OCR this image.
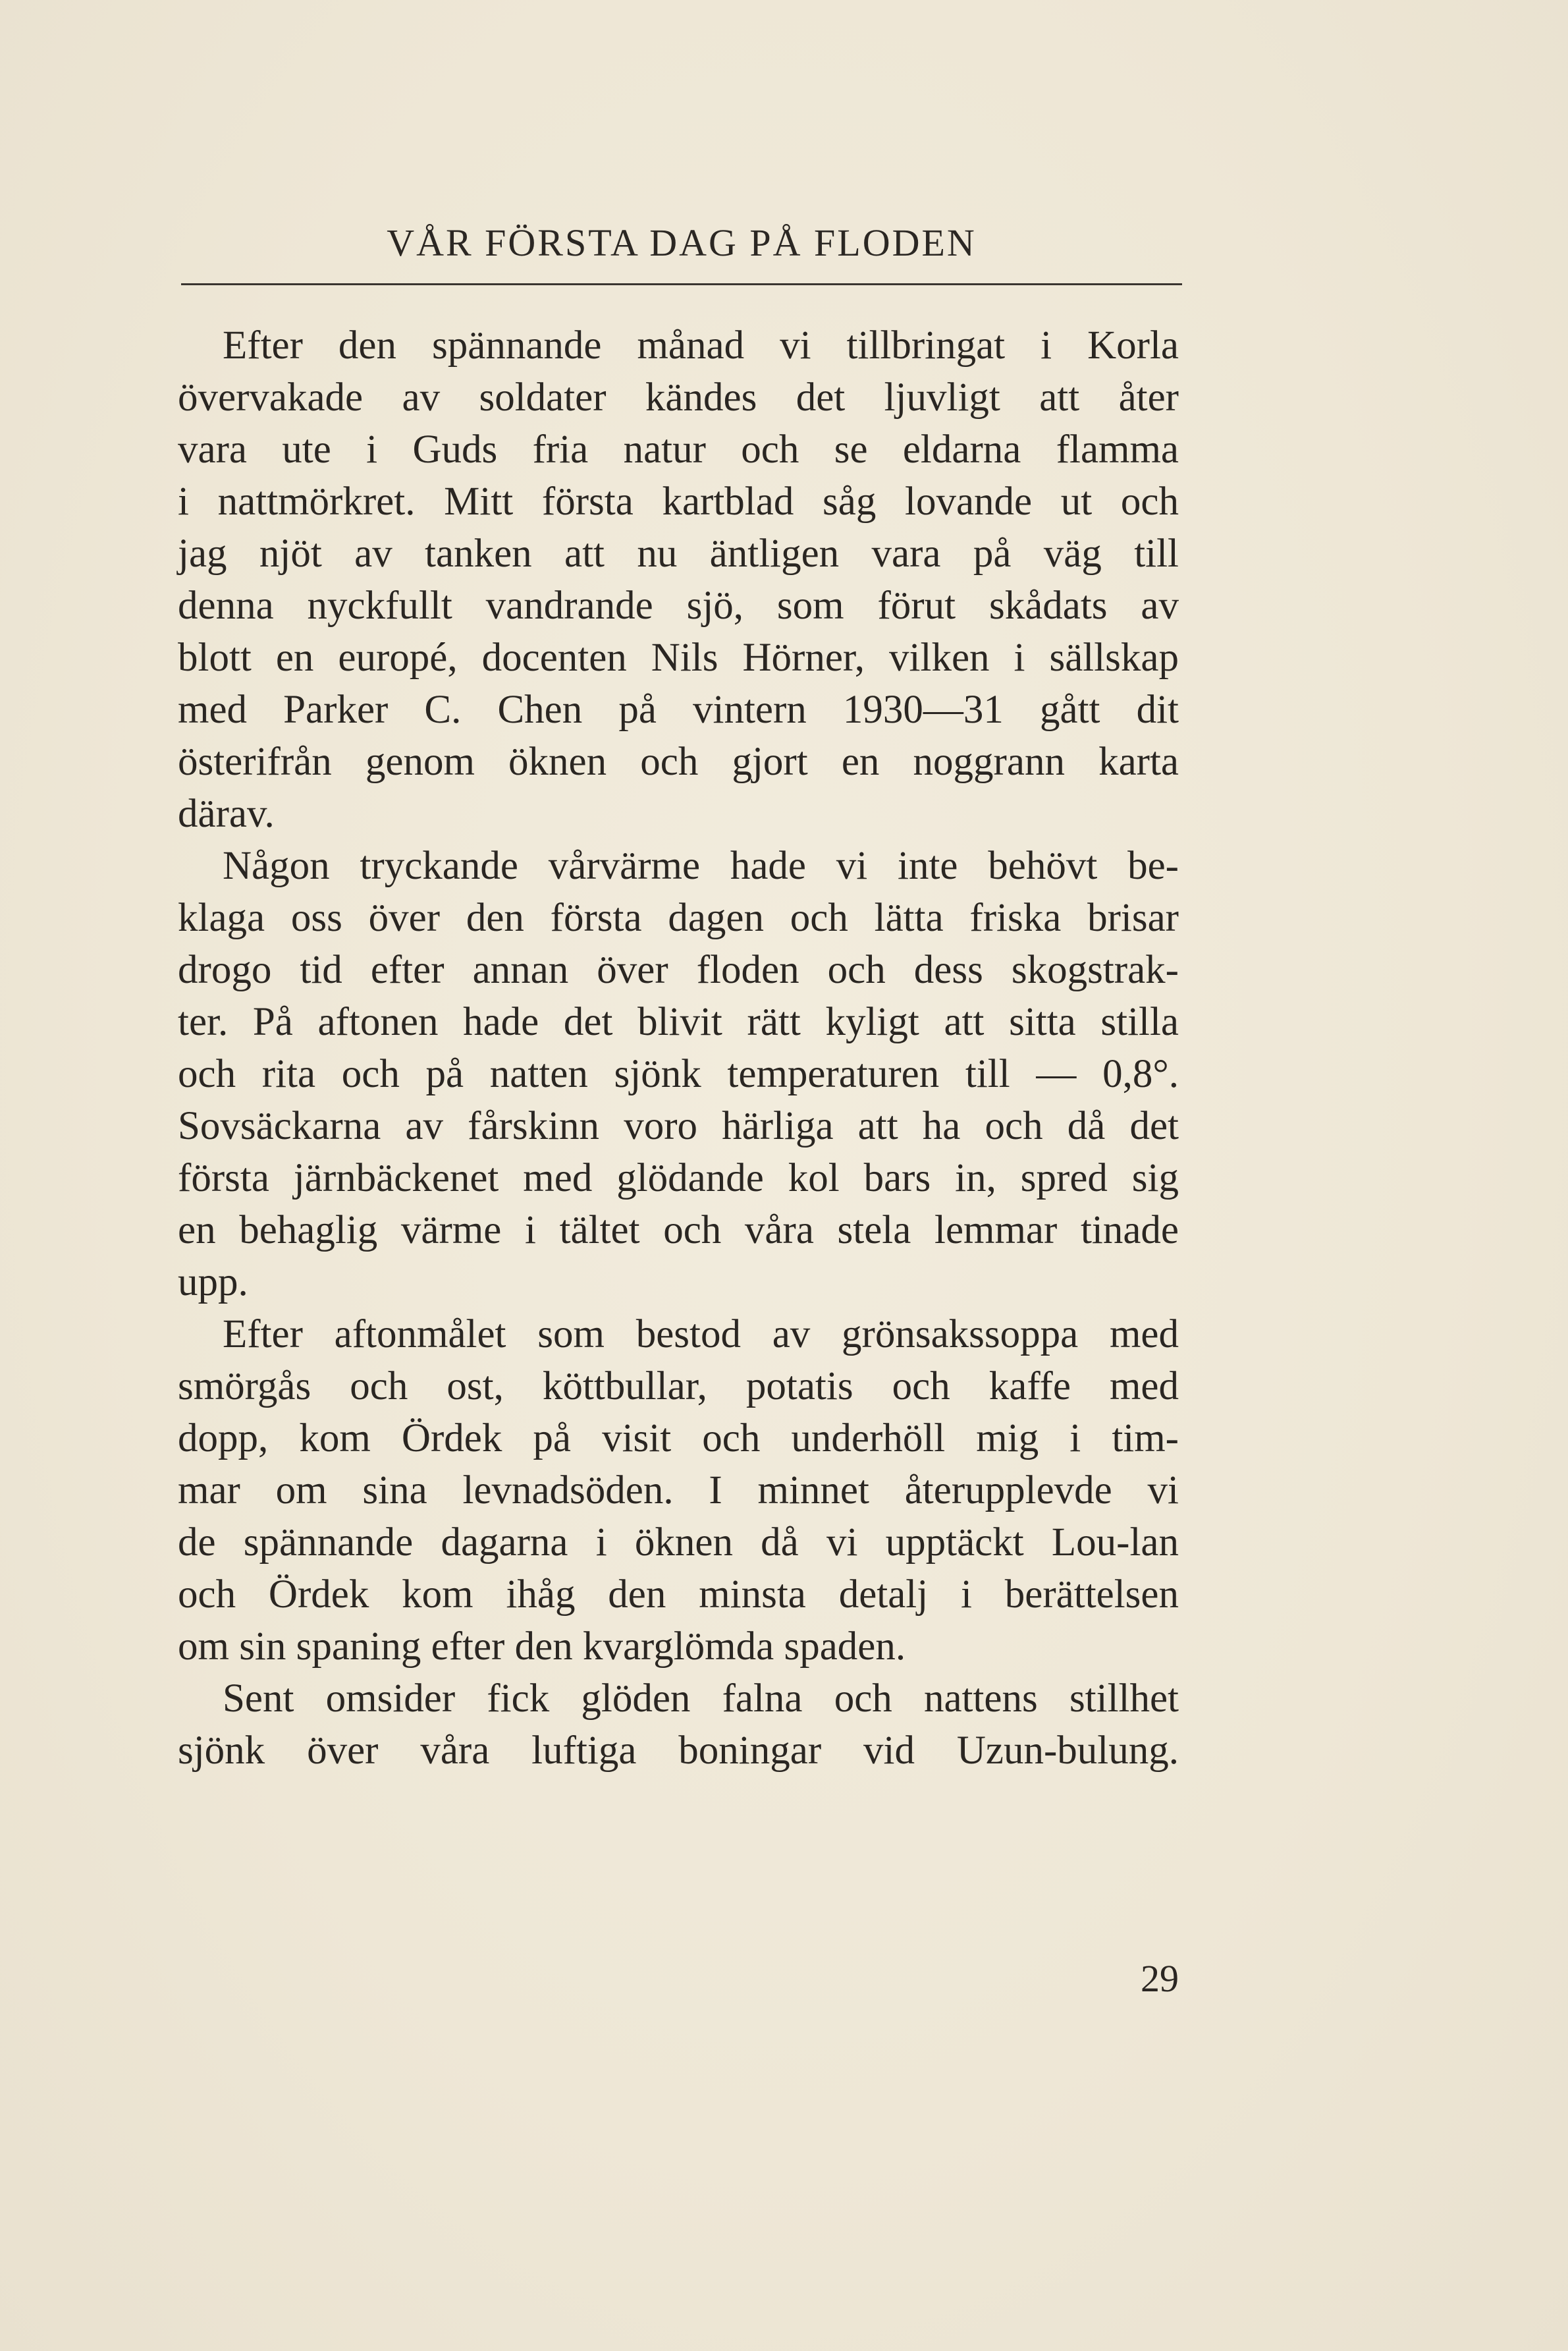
VÅR FÖRSTA DAG PÅ FLODEN
Efter den spännande månad vi tillbringat i Korla
övervakade av soldater kändes det ljuvligt att åter
vara ute i Guds fria natur och se eldarna flamma
i nattmörkret. Mitt första kartblad såg lovande ut och
jag njöt av tanken att nu äntligen vara på väg till
denna nyckfullt vandrande sjö, som förut skådats av
blott en europé, docenten Nils Hörner, vilken i sällskap
med Parker C. Chen på vintern 1930—31 gått dit
österifrån genom öknen och gjort en noggrann karta
därav.
Någon tryckande vårvärme hade vi inte behövt be-
klaga oss över den första dagen och lätta friska brisar
drogo tid efter annan över floden och dess skogstrak-
ter. På aftonen hade det blivit rätt kyligt att sitta stilla
och rita och på natten sjönk temperaturen till — 0,8°.
Sovsäckarna av fårskinn voro härliga att ha och då det
första järnbäckenet med glödande kol bars in, spred sig
en behaglig värme i tältet och våra stela lemmar tinade
upp.
Efter aftonmålet som bestod av grönsakssoppa med
smörgås och ost, köttbullar, potatis och kaffe med
dopp, kom Ördek på visit och underhöll mig i tim-
mar om sina levnadsöden. I minnet återupplevde vi
de spännande dagarna i öknen då vi upptäckt Lou-lan
och Ördek kom ihåg den minsta detalj i berättelsen
om sin spaning efter den kvarglömda spaden.
Sent omsider fick glöden falna och nattens stillhet
sjönk över våra luftiga boningar vid Uzun-bulung.
29
